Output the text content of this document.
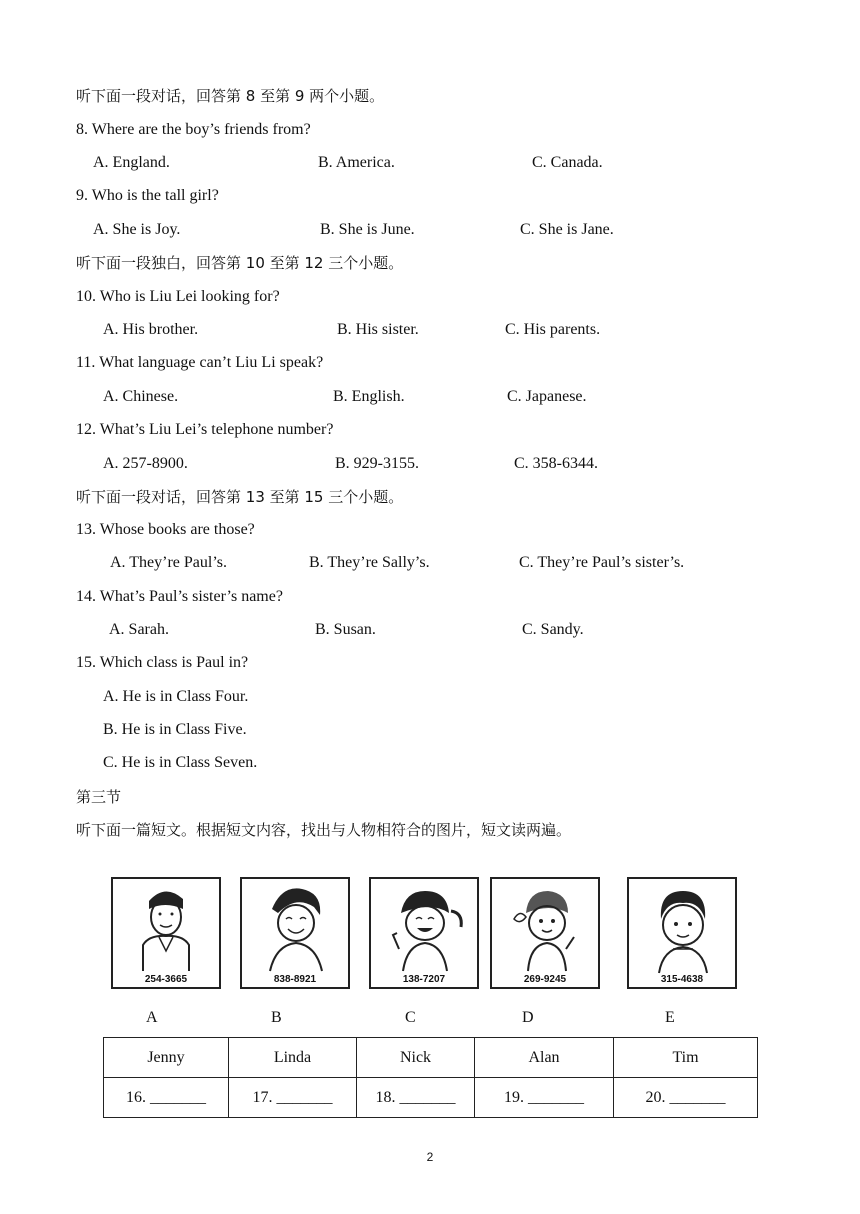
听下面一段对话，回答第 8 至第 9 两个小题。
8. Where are the boy’s friends from?
A. England.	B. America.	C. Canada.
9. Who is the tall girl?
A. She is Joy.	B. She is June.	C. She is Jane.
听下面一段独白，回答第 10 至第 12 三个小题。
10. Who is Liu Lei looking for?
A. His brother.	B. His sister.	C. His parents.
11. What language can’t Liu Li speak?
A. Chinese.	B. English.	C. Japanese.
12. What’s Liu Lei’s telephone number?
A. 257-8900.	B. 929-3155.	C. 358-6344.
听下面一段对话，回答第 13 至第 15 三个小题。
13. Whose books are those?
A. They’re Paul’s.	B. They’re Sally’s.	C. They’re Paul’s sister’s.
14. What’s Paul’s sister’s name?
A. Sarah.	B. Susan.	C. Sandy.
15. Which class is Paul in?
A. He is in Class Four.
B. He is in Class Five.
C. He is in Class Seven.
第三节
听下面一篇短文。根据短文内容，找出与人物相符合的图片，短文读两遍。
254-3665	838-8921	138-7207	269-9245	315-4638
A	B	C	D	E
Jenny	Linda	Nick	Alan	Tim
16. _______	17. _______	18. _______	19. _______	20. _______
2
